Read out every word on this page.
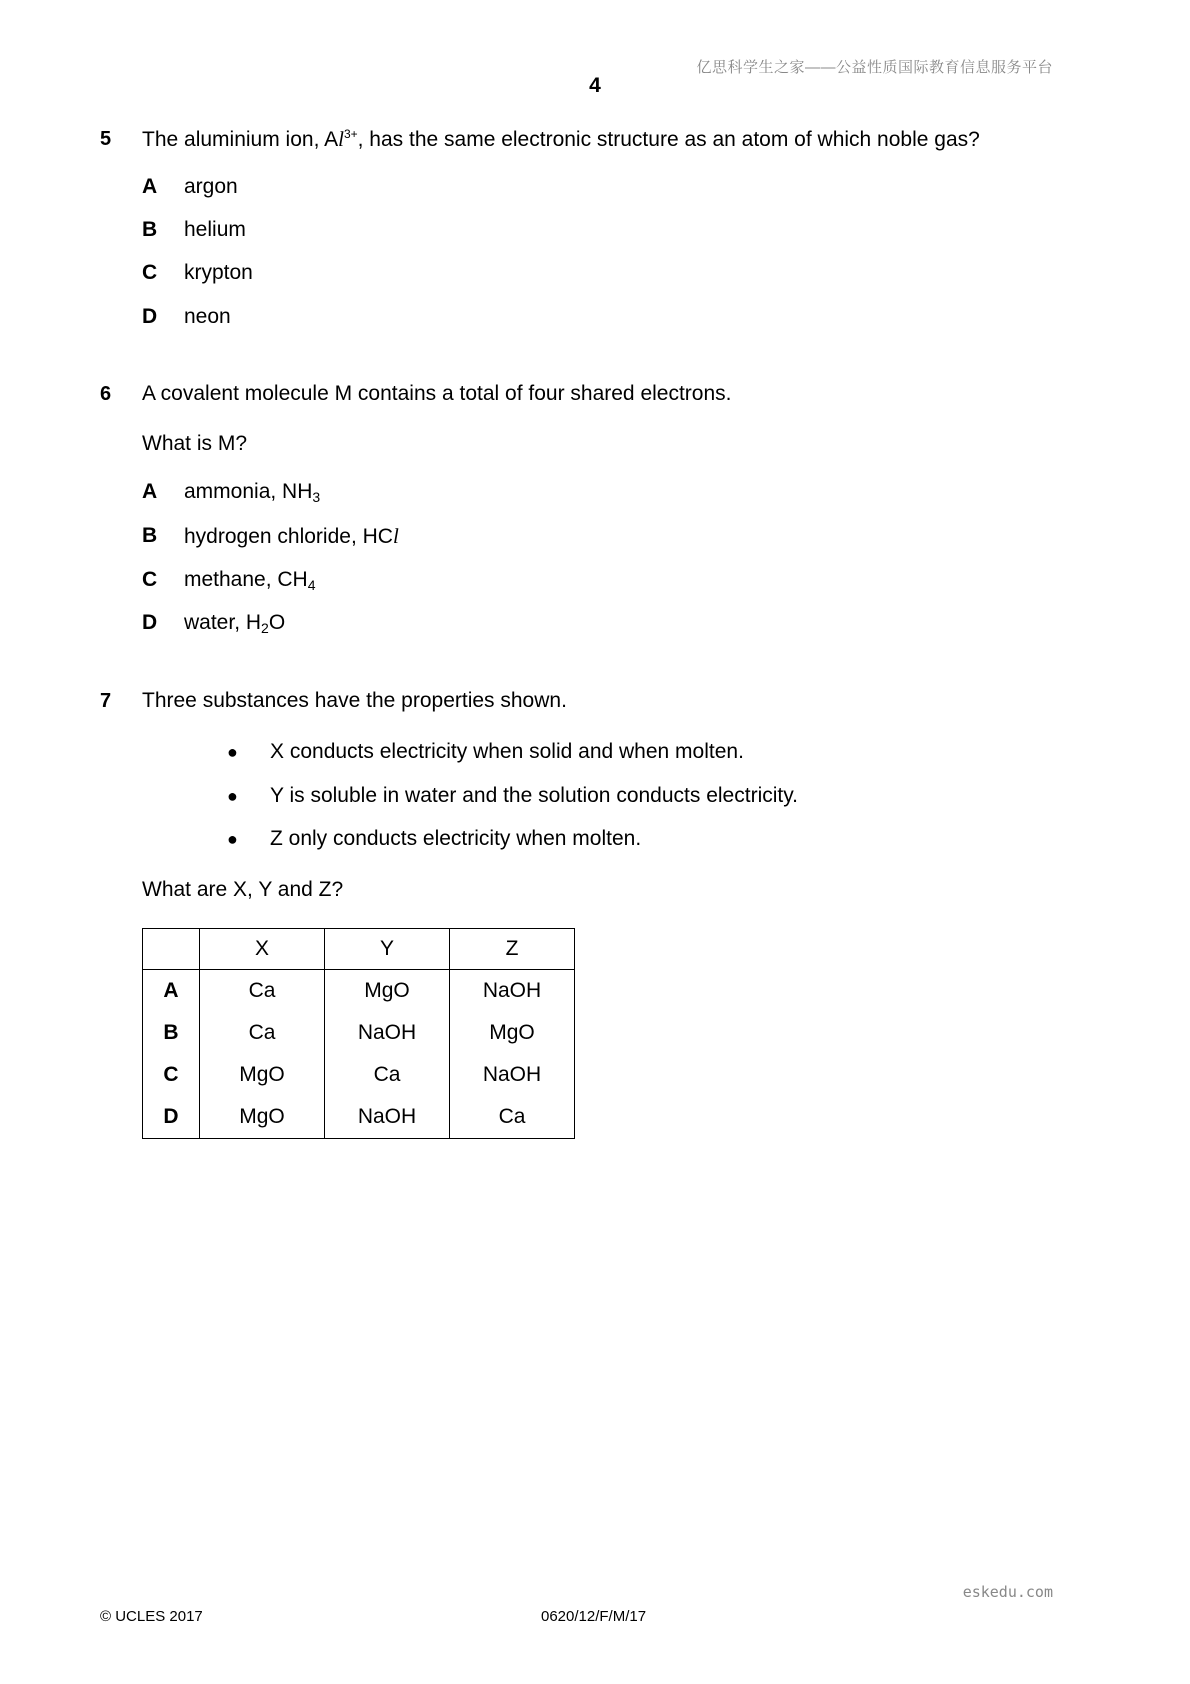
亿思科学生之家——公益性质国际教育信息服务平台
4
5 The aluminium ion, $Al^{3+}$, has the same electronic structure as an atom of which noble gas?
A argon
B helium
C krypton
D neon
6 A covalent molecule M contains a total of four shared electrons.
What is M?
A ammonia, $NH_3$
B hydrogen chloride, HCl
C methane, $CH_4$
D water, $H_2O$
7 Three substances have the properties shown.
● X conducts electricity when solid and when molten.
● Y is soluble in water and the solution conducts electricity.
● Z only conducts electricity when molten.
What are X, Y and Z?
	X	Y	Z
A	Ca	MgO	NaOH
B	Ca	NaOH	MgO
C	MgO	Ca	NaOH
D	MgO	NaOH	Ca
eskedu.com
© UCLES 2017	0620/12/F/M/17
